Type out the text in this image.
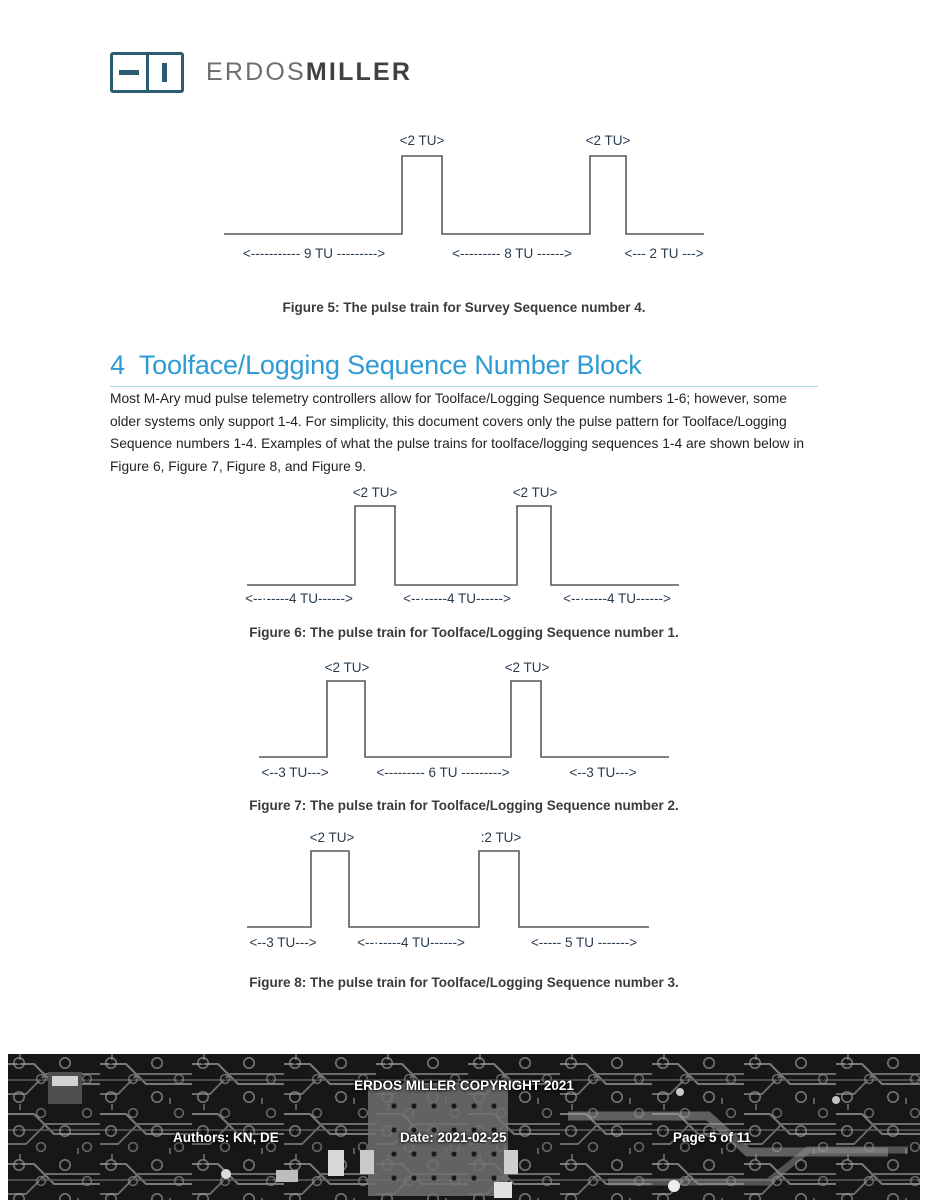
ERDOSMILLER
<2 TU>	<2 TU>
<----------- 9 TU --------->	<--------- 8 TU ------>	<--- 2 TU --->
Figure 5: The pulse train for Survey Sequence number 4.
4 Toolface/Logging Sequence Number Block
Most M-Ary mud pulse telemetry controllers allow for Toolface/Logging Sequence numbers 1-6; however, some older systems only support 1-4. For simplicity, this document covers only the pulse pattern for Toolface/Logging Sequence numbers 1-4. Examples of what the pulse trains for toolface/logging sequences 1-4 are shown below in Figure 6, Figure 7, Figure 8, and Figure 9.
<2 TU>	<2 TU>
<--·-----4 TU------>	<--·-----4 TU------>	<--·-----4 TU------>
Figure 6: The pulse train for Toolface/Logging Sequence number 1.
<2 TU>	<2 TU>
<--3 TU--->	<--------- 6 TU --------->	<--3 TU--->
Figure 7: The pulse train for Toolface/Logging Sequence number 2.
<2 TU>	:2 TU>
<--3 TU--->	<--·-----4 TU------>	<----- 5 TU ------->
Figure 8: The pulse train for Toolface/Logging Sequence number 3.
ERDOS MILLER COPYRIGHT 2021
Authors: KN, DE	Date: 2021-02-25	Page 5 of 11
